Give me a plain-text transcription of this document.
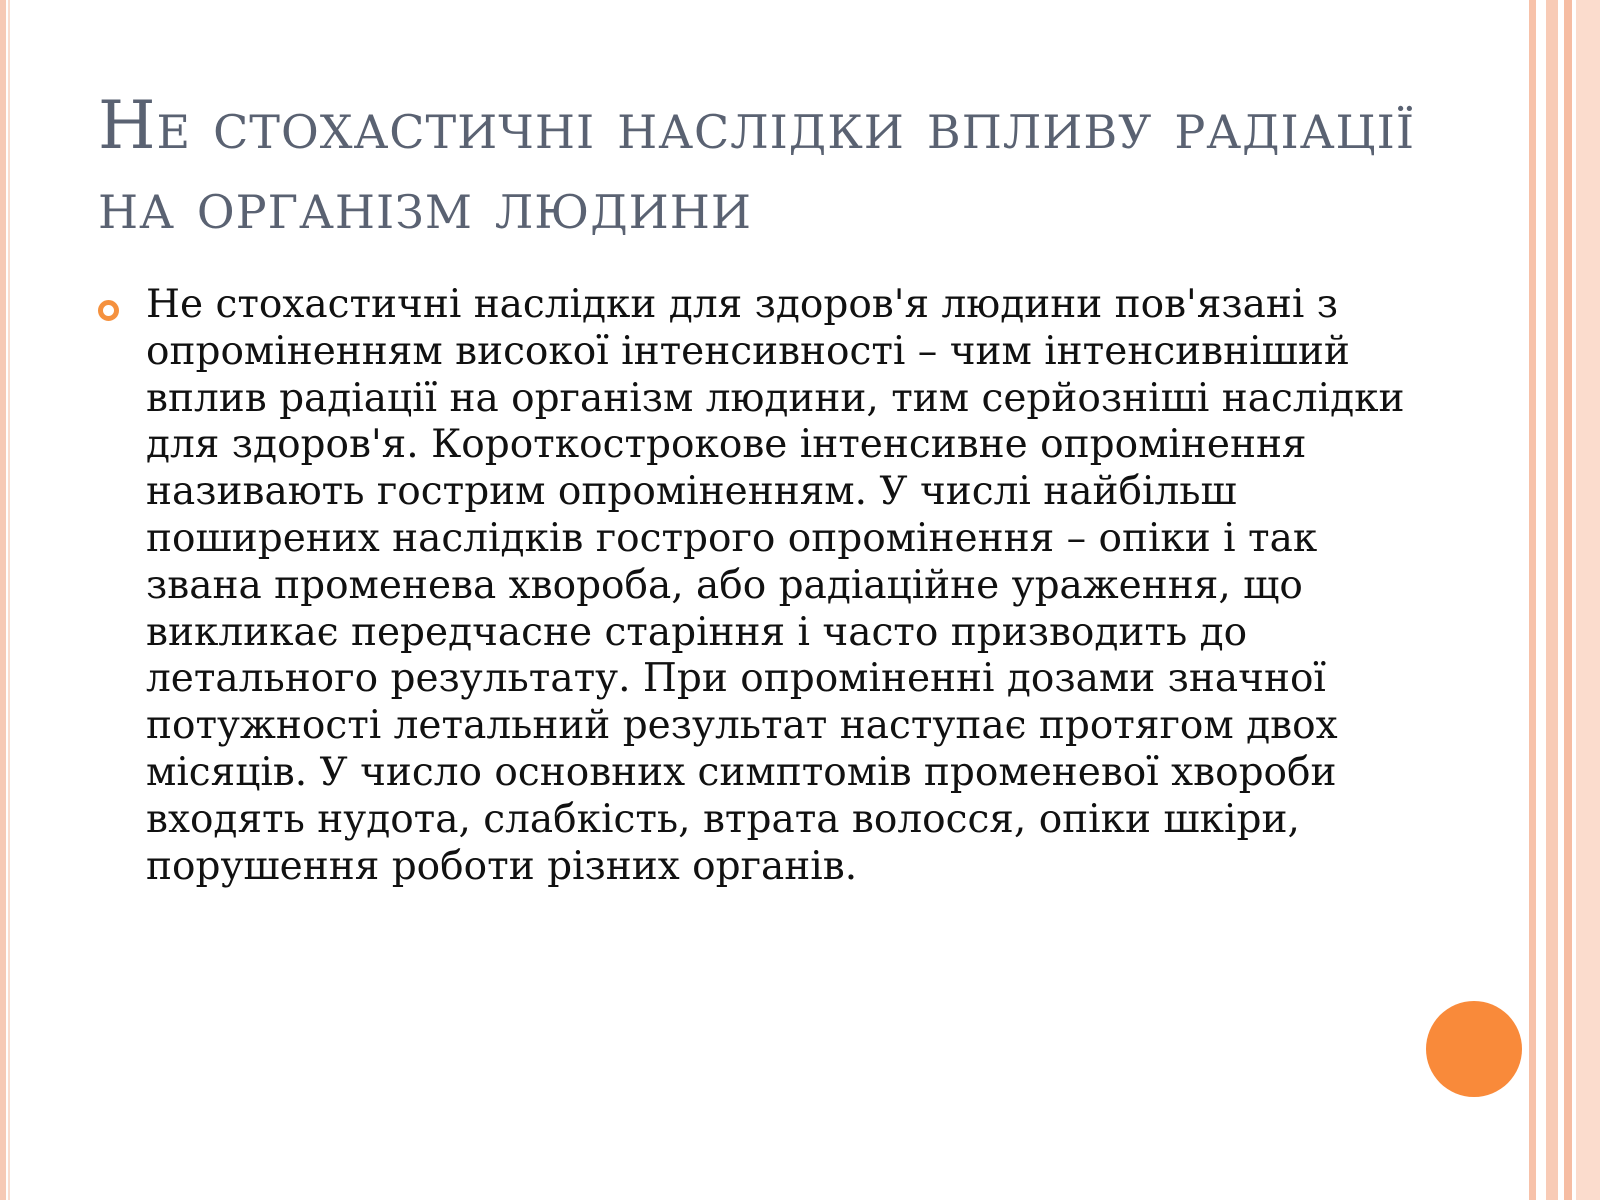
Не стохастичні наслідки впливу радіації на організм людини

Не стохастичні наслідки для здоров'я людини пов'язані з опроміненням високої інтенсивності – чим інтенсивніший вплив радіації на організм людини, тим серйозніші наслідки для здоров'я. Короткострокове інтенсивне опромінення називають гострим опроміненням. У числі найбільш поширених наслідків гострого опромінення – опіки і так звана променева хвороба, або радіаційне ураження, що викликає передчасне старіння і часто призводить до летального результату. При опроміненні дозами значної потужності летальний результат наступає протягом двох місяців. У число основних симптомів променевої хвороби входять нудота, слабкість, втрата волосся, опіки шкіри, порушення роботи різних органів.
